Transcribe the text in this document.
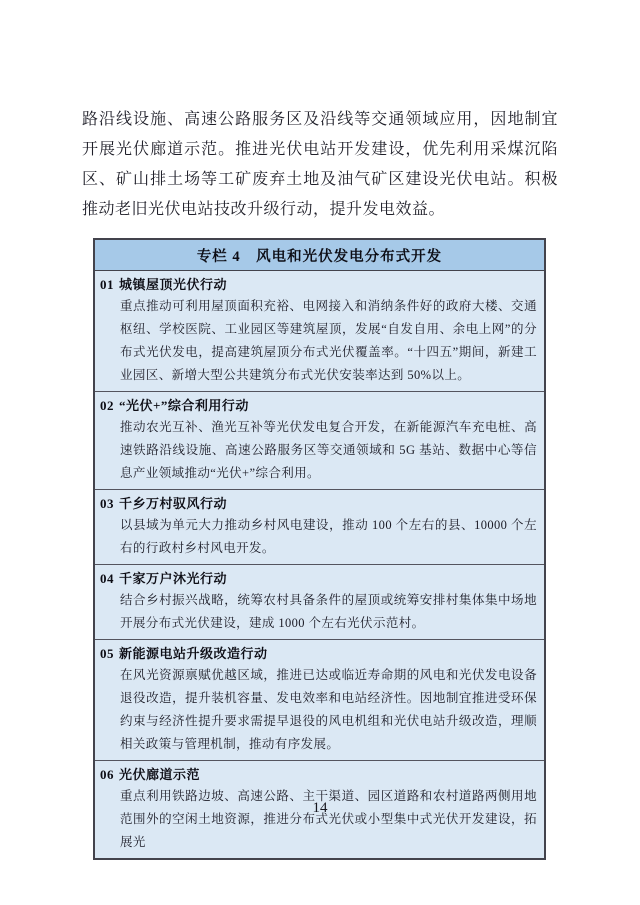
路沿线设施、高速公路服务区及沿线等交通领域应用，因地制宜开展光伏廊道示范。推进光伏电站开发建设，优先利用采煤沉陷区、矿山排土场等工矿废弃土地及油气矿区建设光伏电站。积极推动老旧光伏电站技改升级行动，提升发电效益。
专栏 4　风电和光伏发电分布式开发
01 城镇屋顶光伏行动
重点推动可利用屋顶面积充裕、电网接入和消纳条件好的政府大楼、交通枢纽、学校医院、工业园区等建筑屋顶，发展“自发自用、余电上网”的分布式光伏发电，提高建筑屋顶分布式光伏覆盖率。“十四五”期间，新建工业园区、新增大型公共建筑分布式光伏安装率达到 50%以上。
02 “光伏+”综合利用行动
推动农光互补、渔光互补等光伏发电复合开发，在新能源汽车充电桩、高速铁路沿线设施、高速公路服务区等交通领域和 5G 基站、数据中心等信息产业领域推动“光伏+”综合利用。
03 千乡万村驭风行动
以县域为单元大力推动乡村风电建设，推动 100 个左右的县、10000 个左右的行政村乡村风电开发。
04 千家万户沐光行动
结合乡村振兴战略，统筹农村具备条件的屋顶或统筹安排村集体集中场地开展分布式光伏建设，建成 1000 个左右光伏示范村。
05 新能源电站升级改造行动
在风光资源禀赋优越区域，推进已达或临近寿命期的风电和光伏发电设备退役改造，提升装机容量、发电效率和电站经济性。因地制宜推进受环保约束与经济性提升要求需提早退役的风电机组和光伏电站升级改造，理顺相关政策与管理机制，推动有序发展。
06 光伏廊道示范
重点利用铁路边坡、高速公路、主干渠道、园区道路和农村道路两侧用地范围外的空闲土地资源，推进分布式光伏或小型集中式光伏开发建设，拓展光
14
